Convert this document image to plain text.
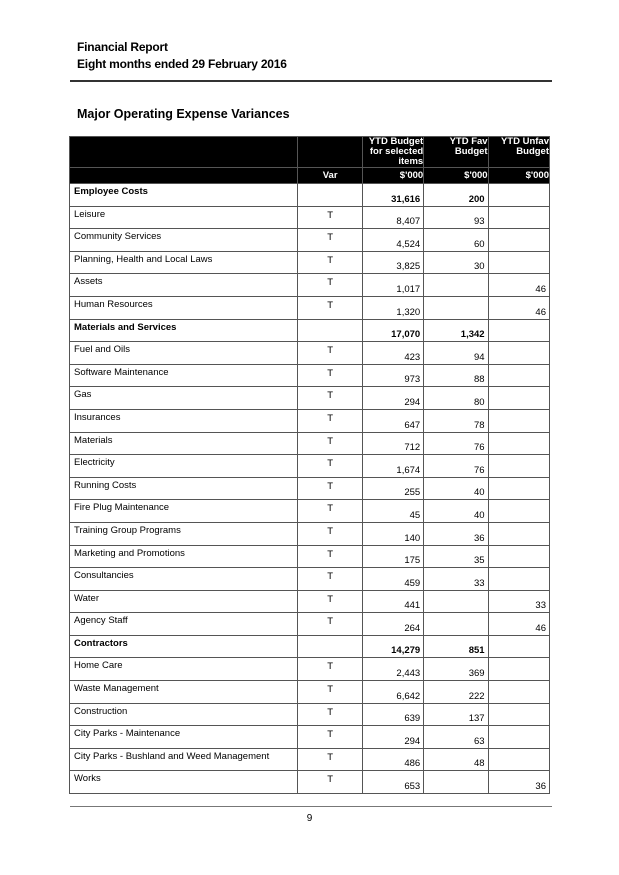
Financial Report
Eight months ended 29 February 2016
Major Operating Expense Variances
		YTD Budget for selected items	YTD Fav Budget	YTD Unfav Budget
	Var	$'000	$'000	$'000
Employee Costs		31,616	200	
Leisure	T	8,407	93	
Community Services	T	4,524	60	
Planning, Health and Local Laws	T	3,825	30	
Assets	T	1,017		46
Human Resources	T	1,320		46
Materials and Services		17,070	1,342	
Fuel and Oils	T	423	94	
Software Maintenance	T	973	88	
Gas	T	294	80	
Insurances	T	647	78	
Materials	T	712	76	
Electricity	T	1,674	76	
Running Costs	T	255	40	
Fire Plug Maintenance	T	45	40	
Training Group Programs	T	140	36	
Marketing and Promotions	T	175	35	
Consultancies	T	459	33	
Water	T	441		33
Agency Staff	T	264		46
Contractors		14,279	851	
Home Care	T	2,443	369	
Waste Management	T	6,642	222	
Construction	T	639	137	
City Parks - Maintenance	T	294	63	
City Parks - Bushland and Weed Management	T	486	48	
Works	T	653		36
9
